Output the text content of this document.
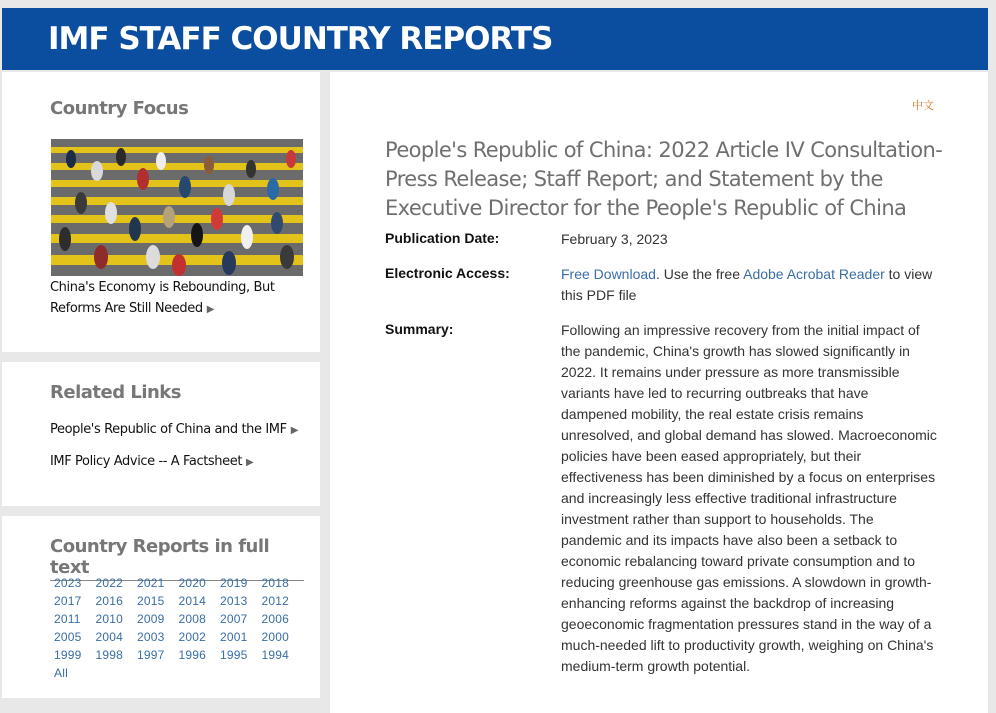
IMF STAFF COUNTRY REPORTS
Country Focus
China's Economy is Rebounding, But
Reforms Are Still Needed ▶
Related Links
People's Republic of China and the IMF ▶
IMF Policy Advice -- A Factsheet ▶
Country Reports in full text
2023	2022	2021	2020	2019	2018
2017	2016	2015	2014	2013	2012
2011	2010	2009	2008	2007	2006
2005	2004	2003	2002	2001	2000
1999	1998	1997	1996	1995	1994
All
中文
People's Republic of China: 2022 Article IV Consultation-Press Release; Staff Report; and Statement by the Executive Director for the People's Republic of China
Publication Date:	February 3, 2023
Electronic Access:	Free Download. Use the free Adobe Acrobat Reader to view this PDF file
Summary:	Following an impressive recovery from the initial impact of the pandemic, China's growth has slowed significantly in 2022. It remains under pressure as more transmissible variants have led to recurring outbreaks that have dampened mobility, the real estate crisis remains unresolved, and global demand has slowed. Macroeconomic policies have been eased appropriately, but their effectiveness has been diminished by a focus on enterprises and increasingly less effective traditional infrastructure investment rather than support to households. The pandemic and its impacts have also been a setback to economic rebalancing toward private consumption and to reducing greenhouse gas emissions. A slowdown in growth-enhancing reforms against the backdrop of increasing geoeconomic fragmentation pressures stand in the way of a much-needed lift to productivity growth, weighing on China's medium-term growth potential.
